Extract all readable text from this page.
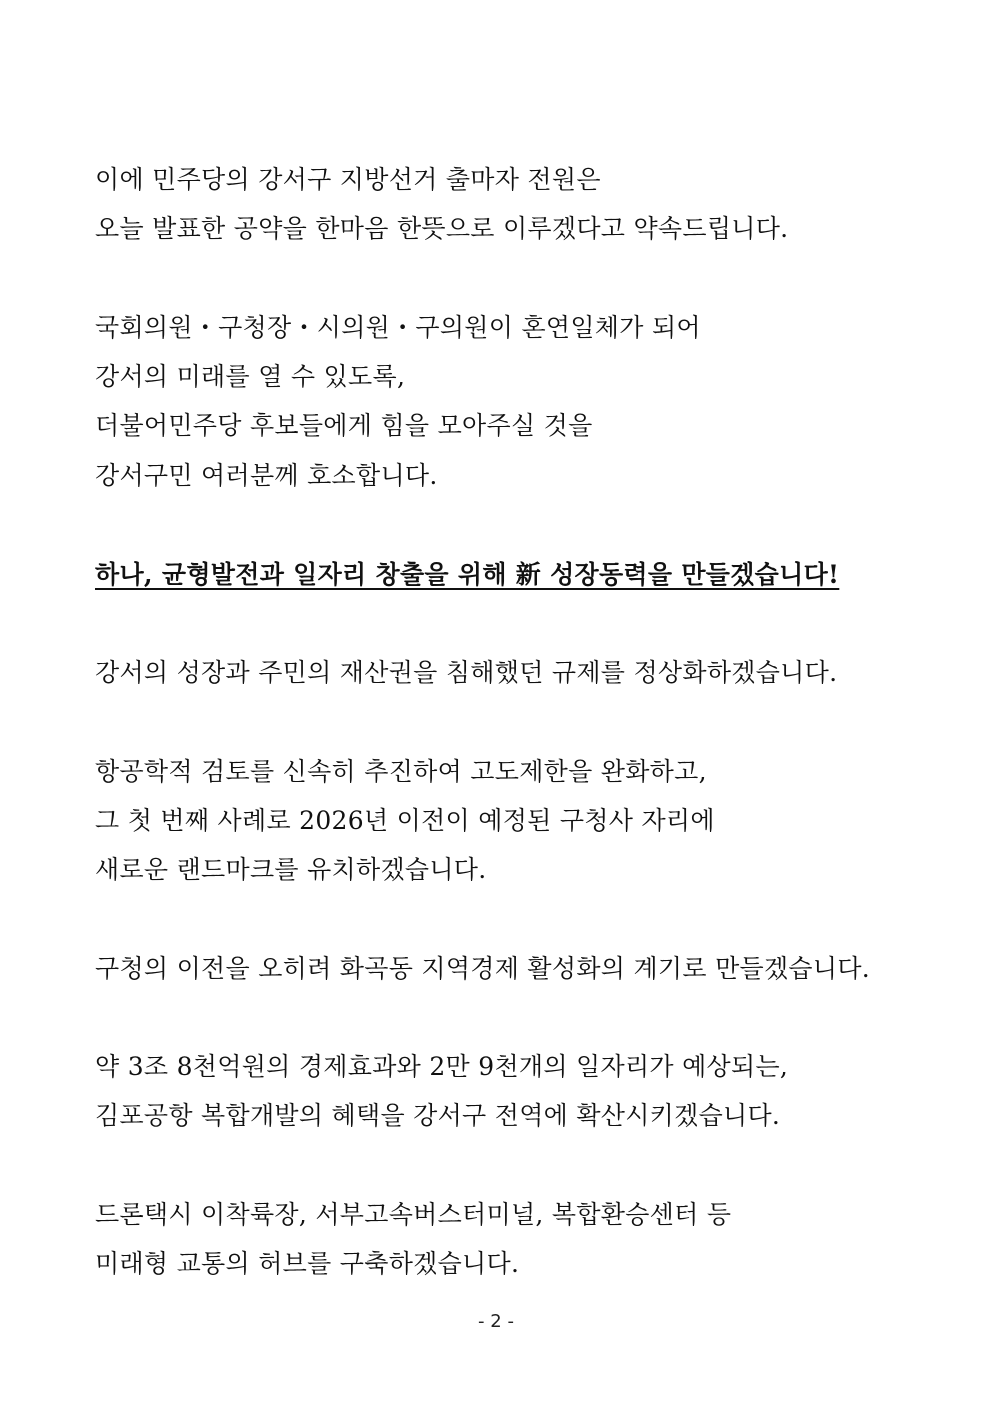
이에 민주당의 강서구 지방선거 출마자 전원은
오늘 발표한 공약을 한마음 한뜻으로 이루겠다고 약속드립니다.
국회의원・구청장・시의원・구의원이 혼연일체가 되어
강서의 미래를 열 수 있도록,
더불어민주당 후보들에게 힘을 모아주실 것을
강서구민 여러분께 호소합니다.
하나, 균형발전과 일자리 창출을 위해 新 성장동력을 만들겠습니다!
강서의 성장과 주민의 재산권을 침해했던 규제를 정상화하겠습니다.
항공학적 검토를 신속히 추진하여 고도제한을 완화하고,
그 첫 번째 사례로 2026년 이전이 예정된 구청사 자리에
새로운 랜드마크를 유치하겠습니다.
구청의 이전을 오히려 화곡동 지역경제 활성화의 계기로 만들겠습니다.
약 3조 8천억원의 경제효과와 2만 9천개의 일자리가 예상되는,
김포공항 복합개발의 혜택을 강서구 전역에 확산시키겠습니다.
드론택시 이착륙장, 서부고속버스터미널, 복합환승센터 등
미래형 교통의 허브를 구축하겠습니다.
- 2 -
